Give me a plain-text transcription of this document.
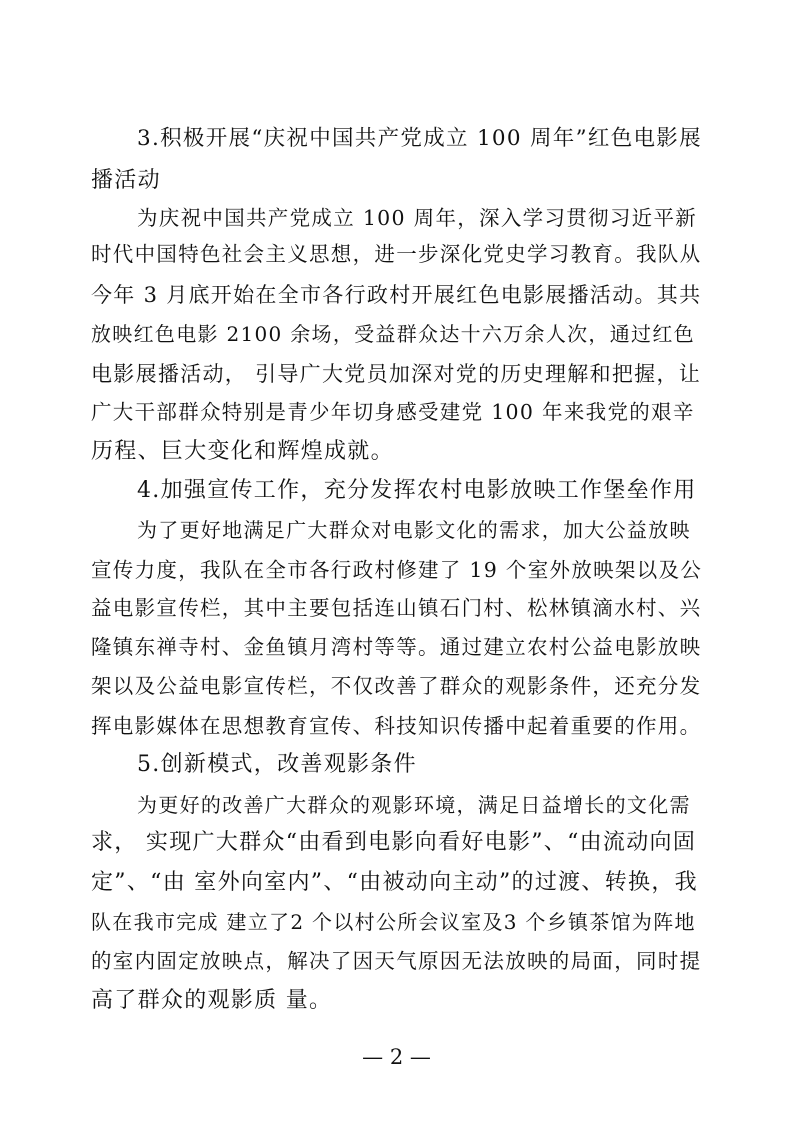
3.积极开展“庆祝中国共产党成立 100 周年”红色电影展
播活动
为庆祝中国共产党成立 100 周年，深入学习贯彻习近平新
时代中国特色社会主义思想，进一步深化党史学习教育。我队从
今年 3 月底开始在全市各行政村开展红色电影展播活动。其共
放映红色电影 2100 余场，受益群众达十六万余人次，通过红色
电影展播活动， 引导广大党员加深对党的历史理解和把握，让
广大干部群众特别是青少年切身感受建党 100 年来我党的艰辛
历程、巨大变化和辉煌成就。
4.加强宣传工作，充分发挥农村电影放映工作堡垒作用
为了更好地满足广大群众对电影文化的需求，加大公益放映
宣传力度，我队在全市各行政村修建了 19 个室外放映架以及公
益电影宣传栏，其中主要包括连山镇石门村、松林镇滴水村、兴
隆镇东禅寺村、金鱼镇月湾村等等。通过建立农村公益电影放映
架以及公益电影宣传栏，不仅改善了群众的观影条件，还充分发
挥电影媒体在思想教育宣传、科技知识传播中起着重要的作用。
5.创新模式，改善观影条件
为更好的改善广大群众的观影环境，满足日益增长的文化需
求， 实现广大群众“由看到电影向看好电影”、“由流动向固
定”、“由 室外向室内”、“由被动向主动”的过渡、转换，我
队在我市完成 建立了2 个以村公所会议室及3 个乡镇茶馆为阵地
的室内固定放映点，解决了因天气原因无法放映的局面，同时提
高了群众的观影质 量。
— 2 —
